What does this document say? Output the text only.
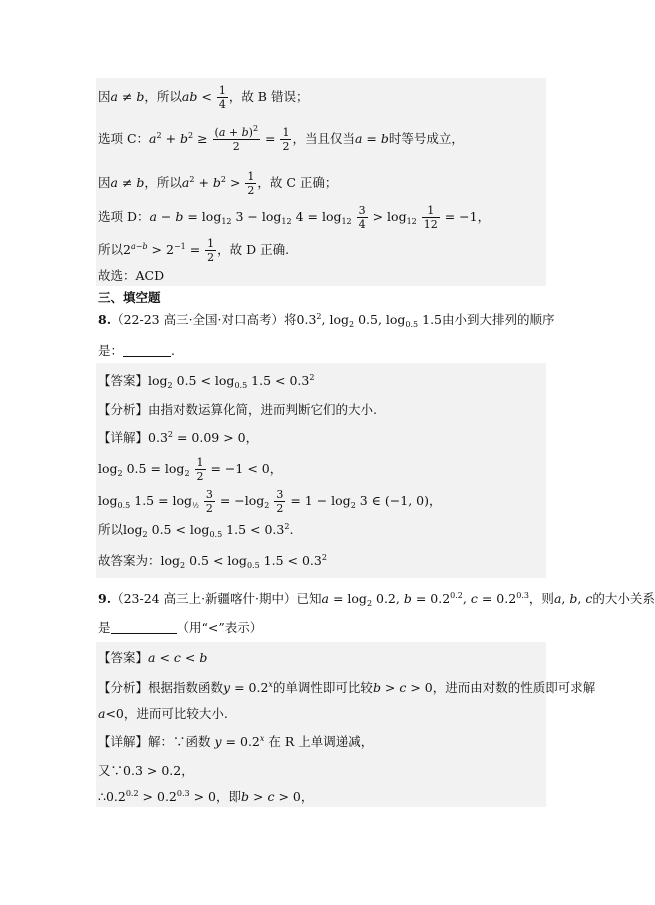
因a ≠ b，所以ab < $\frac{1}{4}$ ，故 B 错误；
选项 C：$a^2 + b^2 \ge \frac{(a + b)^2}{2} = \frac{1}{2}$ ，当且仅当a = b时等号成立，
因a ≠ b，所以$a^2 + b^2 > \frac{1}{2}$ ，故 C 正确；
选项 D：$a - b = \log_{12} 3 - \log_{12} 4 = \log_{12} \frac{3}{4} > \log_{12} \frac{1}{12} = -1$，
所以$2^{a-b} > 2^{-1} = \frac{1}{2}$ ，故 D 正确.
故选：ACD
三、填空题
8.（22-23 高三·全国·对口高考）将$0.3^2$, $\log_2 0.5$, $\log_{0.5} 1.5$由小到大排列的顺序
是：	.
【答案】$\log_2 0.5 < \log_{0.5} 1.5 < 0.3^2$
【分析】由指对数运算化简，进而判断它们的大小.
【详解】$0.3^2 = 0.09 > 0$，
$\log_2 0.5 = \log_2 \frac{1}{2} = -1 < 0$，
$\log_{0.5} 1.5 = \log_{\frac{1}{2}} \frac{3}{2} = -\log_2 \frac{3}{2} = 1 - \log_2 3$ ∈ (−1, 0)，
所以$\log_2 0.5 < \log_{0.5} 1.5 < 0.3^2$.
故答案为：$\log_2 0.5 < \log_{0.5} 1.5 < 0.3^2$
9.（23-24 高三上·新疆喀什·期中）已知$a = \log_2 0.2$, $b = 0.2^{0.2}$, $c = 0.2^{0.3}$，则a, b, c的大小关系
是	（用“<”表示）
【答案】a < c < b
【分析】根据指数函数$y = 0.2^x$的单调性即可比较b > c > 0，进而由对数的性质即可求解
a<0，进而可比较大小.
【详解】解：∵函数 $y = 0.2^x$ 在 R 上单调递减，
又∵0.3 > 0.2，
$\therefore 0.2^{0.2} > 0.2^{0.3} > 0$，即b > c > 0，
